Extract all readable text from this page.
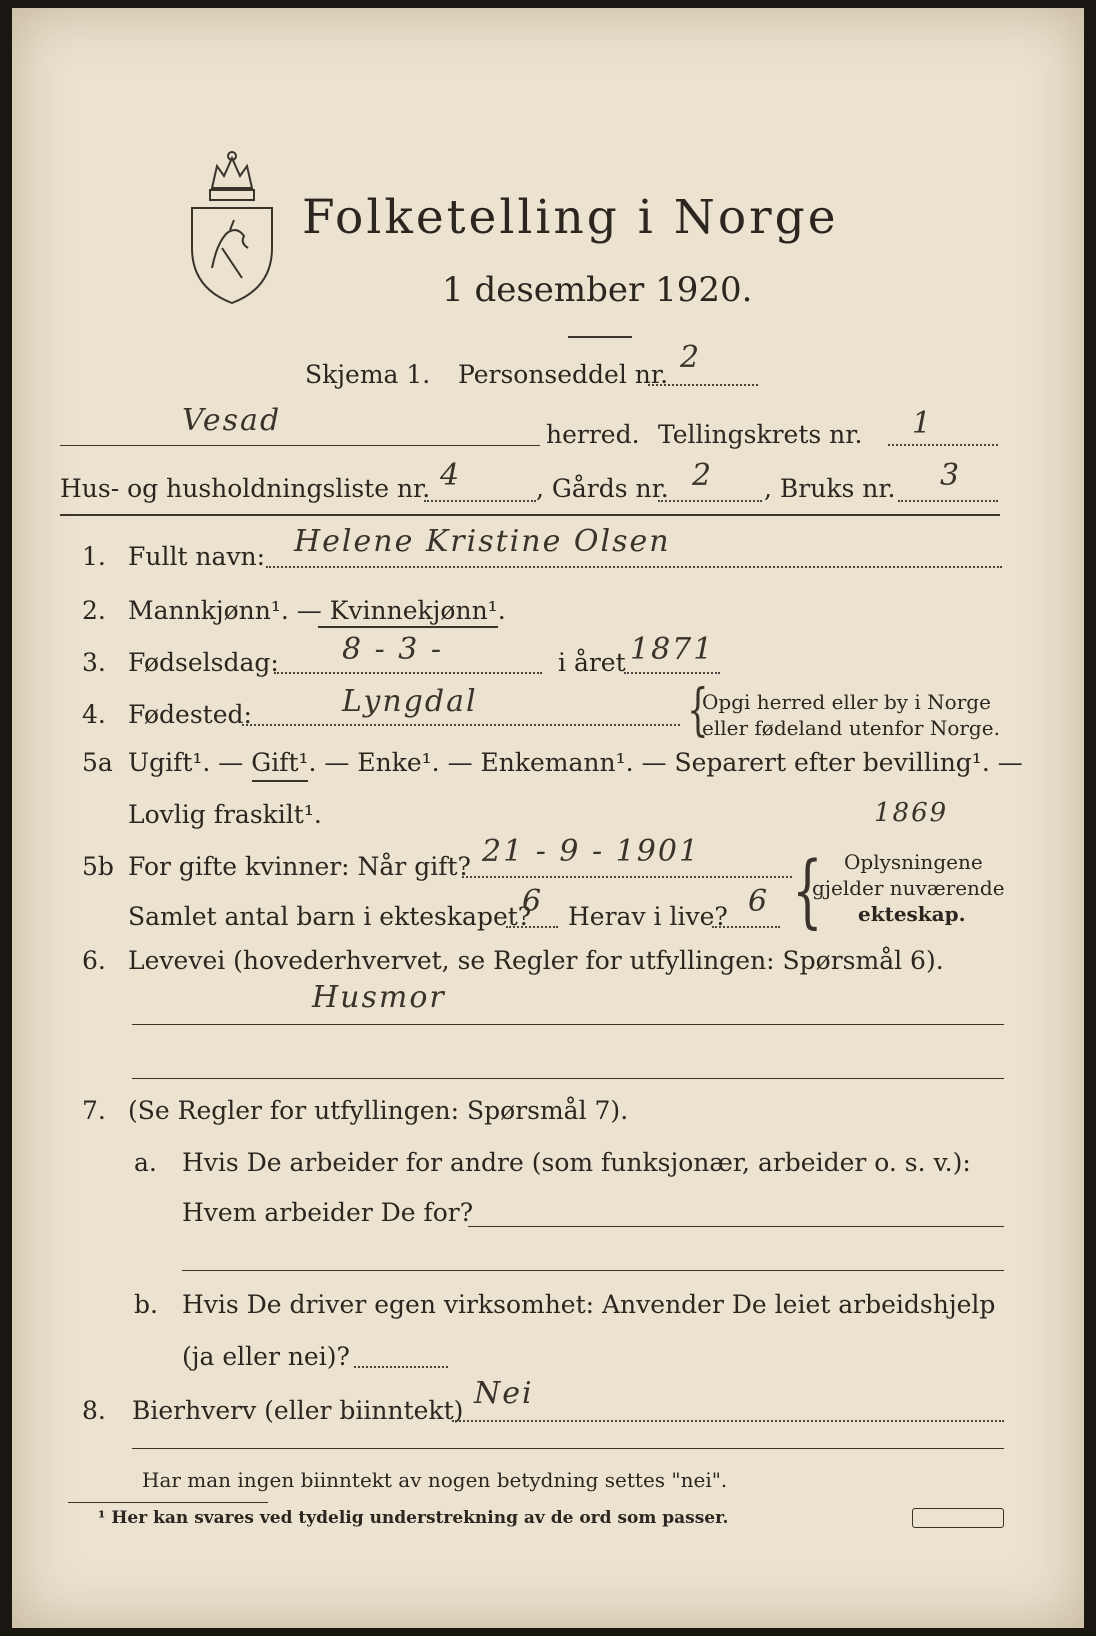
Folketelling i Norge
1 desember 1920.
Skjema 1. Personseddel nr. 2
Vesad	herred. Tellingskrets nr. 1
Hus- og husholdningsliste nr. 4	, Gårds nr. 2 , Bruks nr. 3
1. Fullt navn: Helene Kristine Olsen
2. Mannkjønn¹. — Kvinnekjønn¹.
3. Fødselsdag: 8 - 3 -	i året 1871
4. Fødested:	Lyngdal	{
Opgi herred eller by i Norge
eller fødeland utenfor Norge.
5a Ugift¹. — Gift¹. — Enke¹. — Enkemann¹. — Separert efter bevilling¹. —
Lovlig fraskilt¹.	1869
5b For gifte kvinner: Når gift? 21 - 9 - 1901
Samlet antal barn i ekteskapet?
6 Herav i live? 6 { Oplysningene
gjelder nuværende
ekteskap.
6. Levevei (hovederhvervet, se Regler for utfyllingen: Spørsmål 6).
Husmor
7. (Se Regler for utfyllingen: Spørsmål 7).
a. Hvis De arbeider for andre (som funksjonær, arbeider o. s. v.):
Hvem arbeider De for?
b. Hvis De driver egen virksomhet: Anvender De leiet arbeidshjelp
(ja eller nei)?
8. Bierhverv (eller biinntekt) Nei
Har man ingen biinntekt av nogen betydning settes "nei".
¹ Her kan svares ved tydelig understrekning av de ord som passer.
